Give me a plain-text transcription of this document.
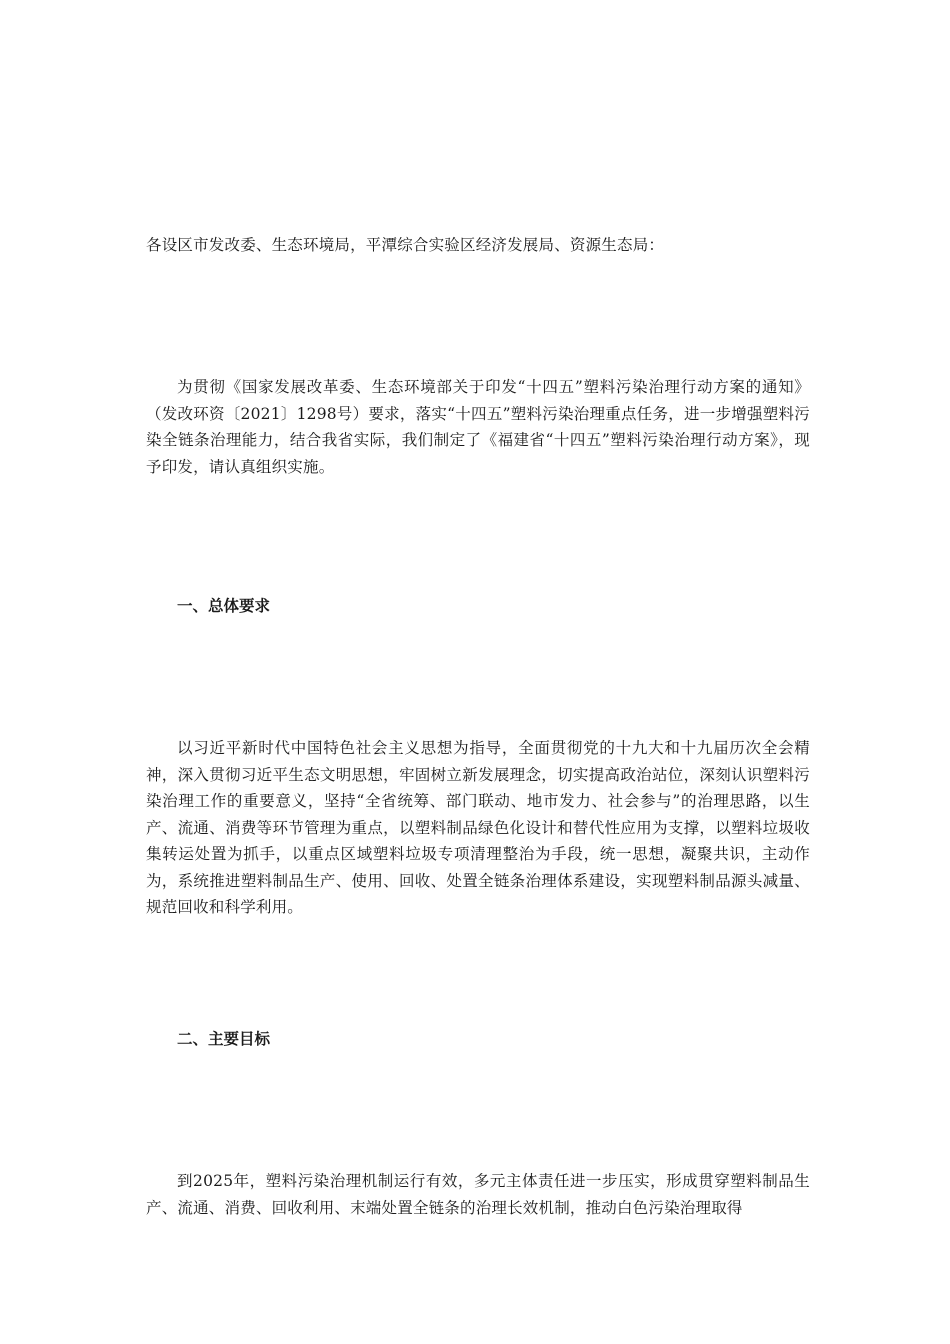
各设区市发改委、生态环境局，平潭综合实验区经济发展局、资源生态局：

为贯彻《国家发展改革委、生态环境部关于印发“十四五”塑料污染治理行动方案的通知》（发改环资〔2021〕1298号）要求，落实“十四五”塑料污染治理重点任务，进一步增强塑料污染全链条治理能力，结合我省实际，我们制定了《福建省“十四五”塑料污染治理行动方案》，现予印发，请认真组织实施。

一、总体要求

以习近平新时代中国特色社会主义思想为指导，全面贯彻党的十九大和十九届历次全会精神，深入贯彻习近平生态文明思想，牢固树立新发展理念，切实提高政治站位，深刻认识塑料污染治理工作的重要意义，坚持“全省统筹、部门联动、地市发力、社会参与”的治理思路，以生产、流通、消费等环节管理为重点，以塑料制品绿色化设计和替代性应用为支撑，以塑料垃圾收集转运处置为抓手，以重点区域塑料垃圾专项清理整治为手段，统一思想，凝聚共识，主动作为，系统推进塑料制品生产、使用、回收、处置全链条治理体系建设，实现塑料制品源头减量、规范回收和科学利用。

二、主要目标

到2025年，塑料污染治理机制运行有效，多元主体责任进一步压实，形成贯穿塑料制品生产、流通、消费、回收利用、末端处置全链条的治理长效机制，推动白色污染治理取得
